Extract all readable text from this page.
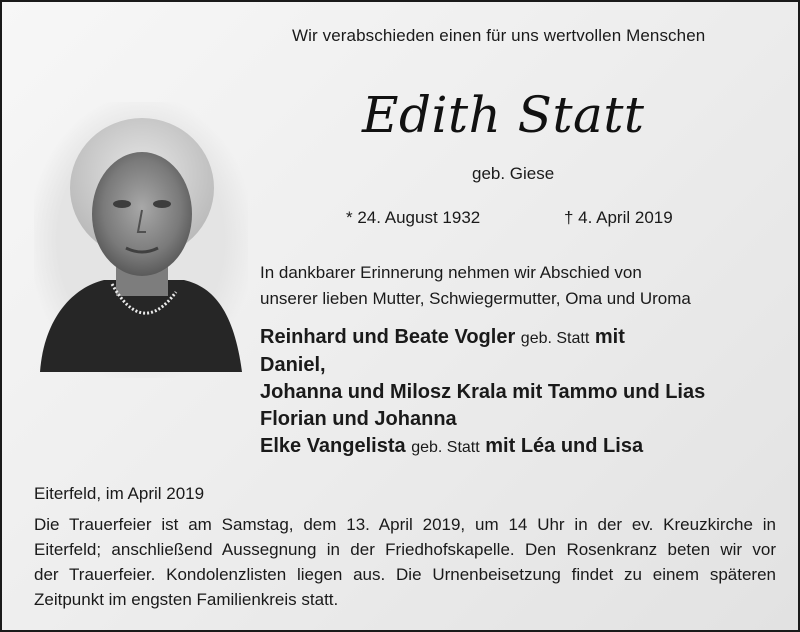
Wir verabschieden einen für uns wertvollen Menschen
Edith Statt
geb. Giese
* 24. August 1932	† 4. April 2019
In dankbarer Erinnerung nehmen wir Abschied von
unserer lieben Mutter, Schwiegermutter, Oma und Uroma
Reinhard und Beate Vogler geb. Statt mit
Daniel,
Johanna und Milosz Krala mit Tammo und Lias
Florian und Johanna
Elke Vangelista geb. Statt mit Léa und Lisa
Eiterfeld, im April 2019
Die Trauerfeier ist am Samstag, dem 13. April 2019, um 14 Uhr in der ev. Kreuzkirche in
Eiterfeld; anschließend Aussegnung in der Friedhofskapelle. Den Rosenkranz beten wir vor
der Trauerfeier. Kondolenzlisten liegen aus. Die Urnenbeisetzung findet zu einem späteren
Zeitpunkt im engsten Familienkreis statt.
